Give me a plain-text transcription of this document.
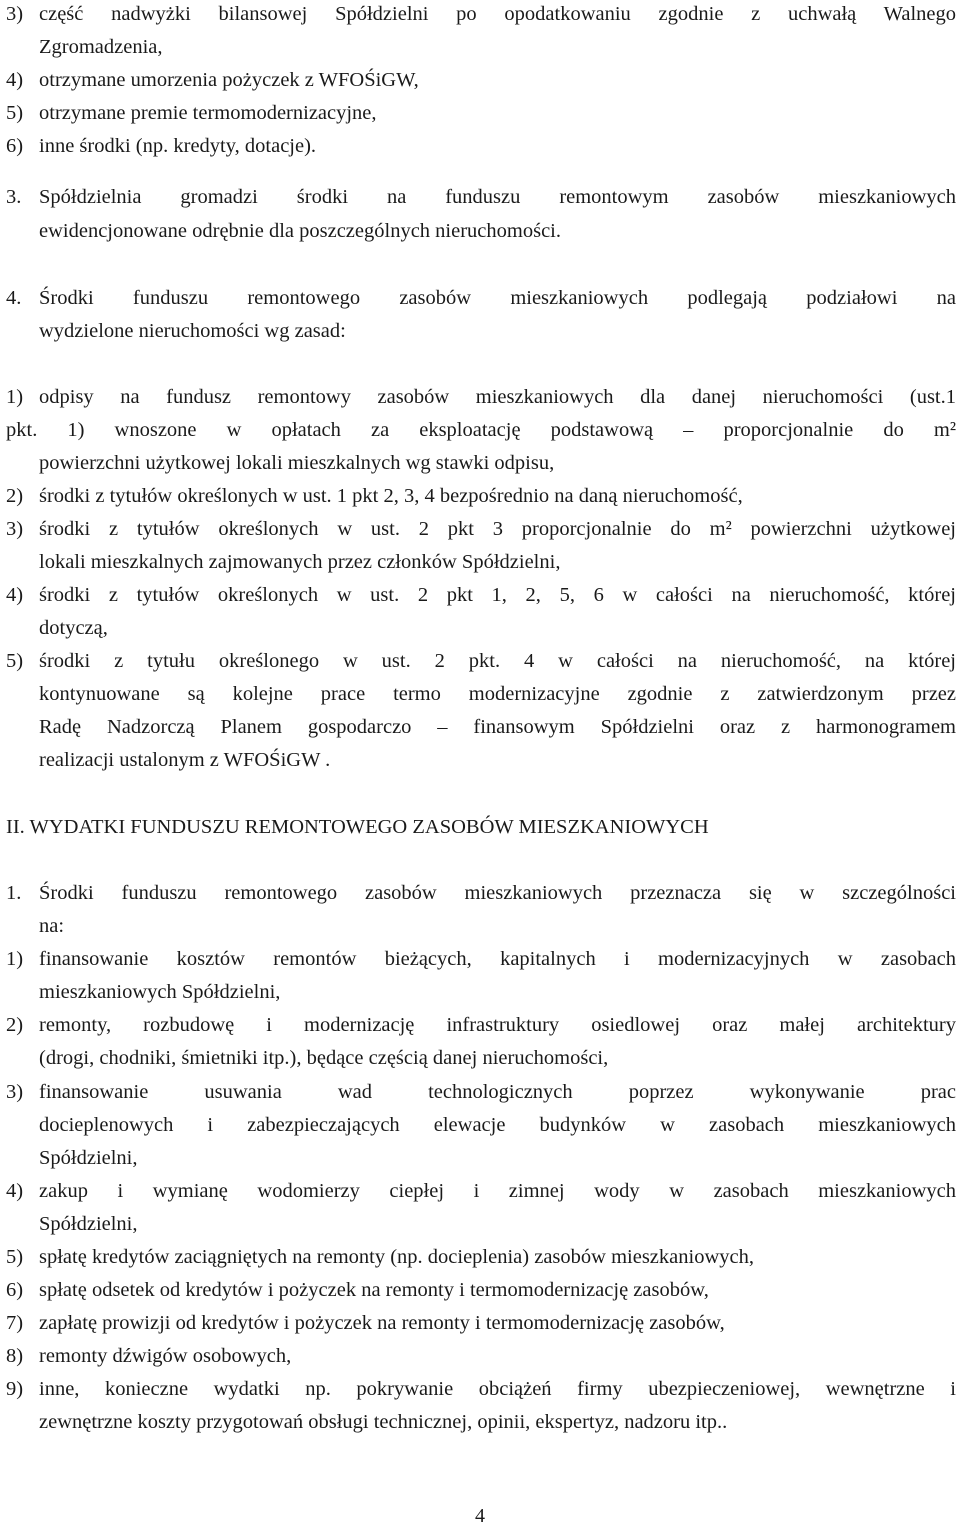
3) część nadwyżki bilansowej Spółdzielni po opodatkowaniu zgodnie z uchwałą Walnego
Zgromadzenia,
4) otrzymane umorzenia pożyczek z WFOŚiGW,
5) otrzymane premie termomodernizacyjne,
6) inne środki (np. kredyty, dotacje).
3. Spółdzielnia gromadzi środki na funduszu remontowym zasobów mieszkaniowych
ewidencjonowane odrębnie dla poszczególnych nieruchomości.
4. Środki funduszu remontowego zasobów mieszkaniowych podlegają podziałowi na
wydzielone nieruchomości wg zasad:
1) odpisy na fundusz remontowy zasobów mieszkaniowych dla danej nieruchomości (ust.1
pkt. 1) wnoszone w opłatach za eksploatację podstawową – proporcjonalnie do m²
powierzchni użytkowej lokali mieszkalnych wg stawki odpisu,
2) środki z tytułów określonych w ust. 1 pkt 2, 3, 4 bezpośrednio na daną nieruchomość,
3) środki z tytułów określonych w ust. 2 pkt 3 proporcjonalnie do m² powierzchni użytkowej
lokali mieszkalnych zajmowanych przez członków Spółdzielni,
4) środki z tytułów określonych w ust. 2 pkt 1, 2, 5, 6 w całości na nieruchomość, której
dotyczą,
5) środki z tytułu określonego w ust. 2 pkt. 4 w całości na nieruchomość, na której
kontynuowane są kolejne prace termo modernizacyjne zgodnie z zatwierdzonym przez
Radę Nadzorczą Planem gospodarczo – finansowym Spółdzielni oraz z harmonogramem
realizacji ustalonym z WFOŚiGW .
II. WYDATKI FUNDUSZU REMONTOWEGO ZASOBÓW MIESZKANIOWYCH
1. Środki funduszu remontowego zasobów mieszkaniowych przeznacza się w szczególności
na:
1) finansowanie kosztów remontów bieżących, kapitalnych i modernizacyjnych w zasobach
mieszkaniowych Spółdzielni,
2) remonty, rozbudowę i modernizację infrastruktury osiedlowej oraz małej architektury
(drogi, chodniki, śmietniki itp.), będące częścią danej nieruchomości,
3) finansowanie usuwania wad technologicznych poprzez wykonywanie prac
docieplenowych i zabezpieczających elewacje budynków w zasobach mieszkaniowych
Spółdzielni,
4) zakup i wymianę wodomierzy ciepłej i zimnej wody w zasobach mieszkaniowych
Spółdzielni,
5) spłatę kredytów zaciągniętych na remonty (np. docieplenia) zasobów mieszkaniowych,
6) spłatę odsetek od kredytów i pożyczek na remonty i termomodernizację zasobów,
7) zapłatę prowizji od kredytów i pożyczek na remonty i termomodernizację zasobów,
8) remonty dźwigów osobowych,
9) inne, konieczne wydatki np. pokrywanie obciążeń firmy ubezpieczeniowej, wewnętrzne i
zewnętrzne koszty przygotowań obsługi technicznej, opinii, ekspertyz, nadzoru itp..
4
